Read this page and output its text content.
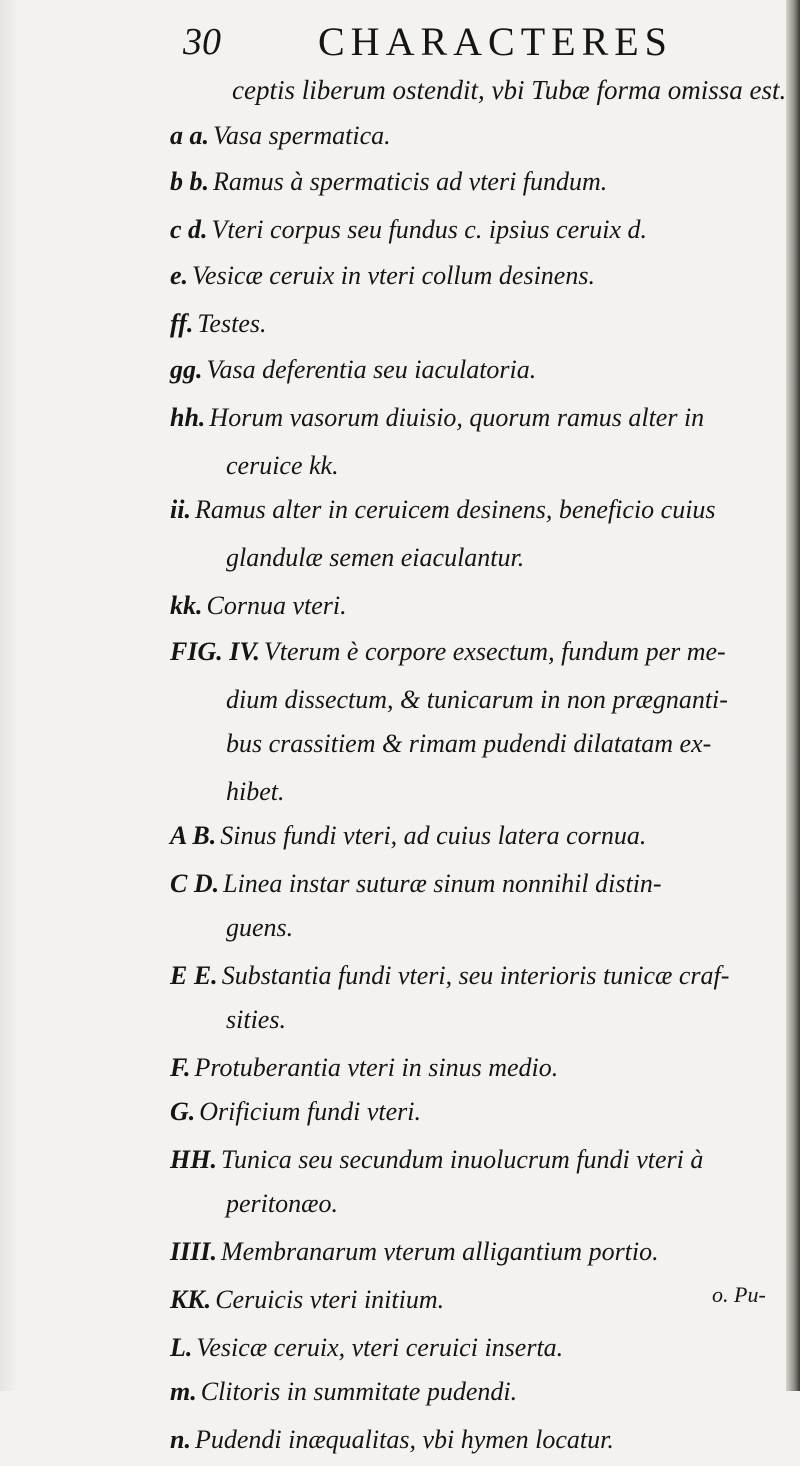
30 CHARACTERES
ceptis liberum ostendit, vbi Tubæ forma omissa est.
a a. Vasa spermatica.
b b. Ramus à spermaticis ad vteri fundum.
c d. Vteri corpus seu fundus c. ipsius ceruix d.
e. Vesicæ ceruix in vteri collum desinens.
ff. Testes.
gg. Vasa deferentia seu iaculatoria.
hh. Horum vasorum diuisio, quorum ramus alter in
ceruice kk.
ii. Ramus alter in ceruicem desinens, beneficio cuius
glandulæ semen eiaculantur.
kk. Cornua vteri.
FIG. IV. Vterum è corpore exsectum, fundum per me-
dium dissectum, & tunicarum in non prægnanti-
bus crassitiem & rimam pudendi dilatatam ex-
hibet.
A B. Sinus fundi vteri, ad cuius latera cornua.
C D. Linea instar suturæ sinum nonnihil distin-
guens.
E E. Substantia fundi vteri, seu interioris tunicæ craf-
sities.
F. Protuberantia vteri in sinus medio.
G. Orificium fundi vteri.
HH. Tunica seu secundum inuolucrum fundi vteri à
peritonæo.
IIII. Membranarum vterum alligantium portio.
KK. Ceruicis vteri initium.
L. Vesicæ ceruix, vteri ceruici inserta.
m. Clitoris in summitate pudendi.
n. Pudendi inæqualitas, vbi hymen locatur.
o. Pu-
